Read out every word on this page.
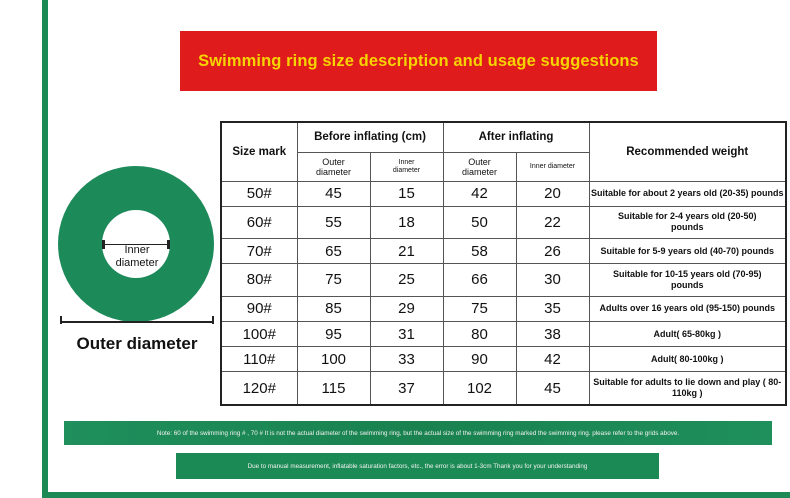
Swimming ring size description and usage suggestions
Inner diameter
Outer diameter
Size mark	Before inflating (cm)		After inflating		Recommended weight
	Outer diameter	Inner diameter	Outer diameter	Inner diameter	
50#	45	15	42	20	Suitable for about 2 years old (20-35) pounds
60#	55	18	50	22	Suitable for 2-4 years old (20-50) pounds
70#	65	21	58	26	Suitable for 5-9 years old (40-70) pounds
80#	75	25	66	30	Suitable for 10-15 years old (70-95) pounds
90#	85	29	75	35	Adults over 16 years old (95-150) pounds
100#	95	31	80	38	Adult( 65-80kg )
110#	100	33	90	42	Adult( 80-100kg )
120#	115	37	102	45	Suitable for adults to lie down and play ( 80-110kg )
Note: 60 of the swimming ring # , 70 # It is not the actual diameter of the swimming ring, but the actual size of the swimming ring marked the swimming ring. please refer to the grids above.
Due to manual measurement, inflatable saturation factors, etc., the error is about 1-3cm Thank you for your understanding
